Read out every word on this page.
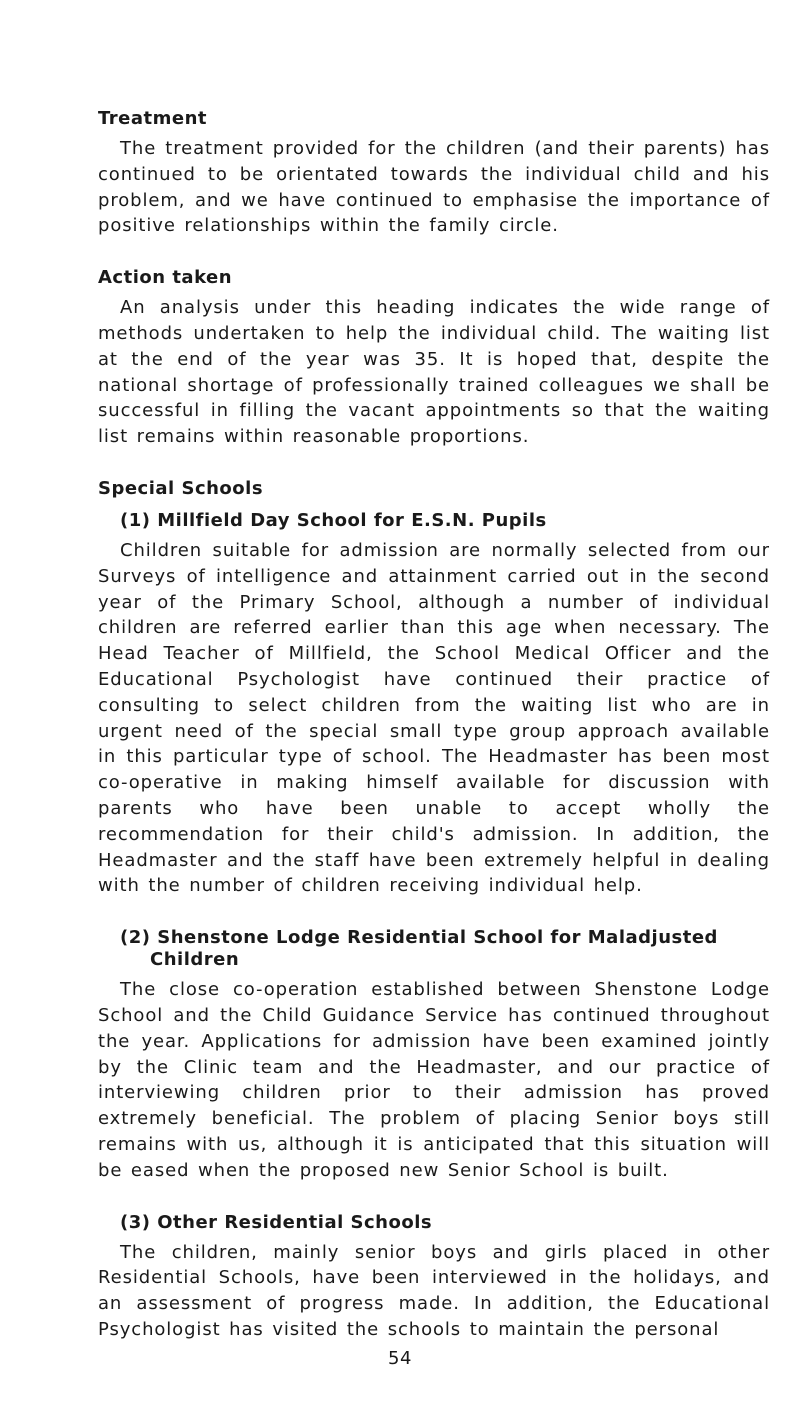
Treatment

The treatment provided for the children (and their parents) has continued to be orientated towards the individual child and his problem, and we have continued to emphasise the importance of positive relationships within the family circle.

Action taken

An analysis under this heading indicates the wide range of methods undertaken to help the individual child. The waiting list at the end of the year was 35. It is hoped that, despite the national shortage of professionally trained colleagues we shall be successful in filling the vacant appointments so that the waiting list remains within reasonable proportions.

Special Schools
(1) Millfield Day School for E.S.N. Pupils

Children suitable for admission are normally selected from our Surveys of intelligence and attainment carried out in the second year of the Primary School, although a number of individual children are referred earlier than this age when necessary. The Head Teacher of Millfield, the School Medical Officer and the Educational Psychologist have continued their practice of consulting to select children from the waiting list who are in urgent need of the special small type group approach available in this particular type of school. The Headmaster has been most co-operative in making himself available for discussion with parents who have been unable to accept wholly the recommendation for their child's admission. In addition, the Headmaster and the staff have been extremely helpful in dealing with the number of children receiving individual help.

(2) Shenstone Lodge Residential School for Maladjusted Children

The close co-operation established between Shenstone Lodge School and the Child Guidance Service has continued throughout the year. Applications for admission have been examined jointly by the Clinic team and the Headmaster, and our practice of interviewing children prior to their admission has proved extremely beneficial. The problem of placing Senior boys still remains with us, although it is anticipated that this situation will be eased when the proposed new Senior School is built.

(3) Other Residential Schools

The children, mainly senior boys and girls placed in other Residential Schools, have been interviewed in the holidays, and an assessment of progress made. In addition, the Educational Psychologist has visited the schools to maintain the personal

54
